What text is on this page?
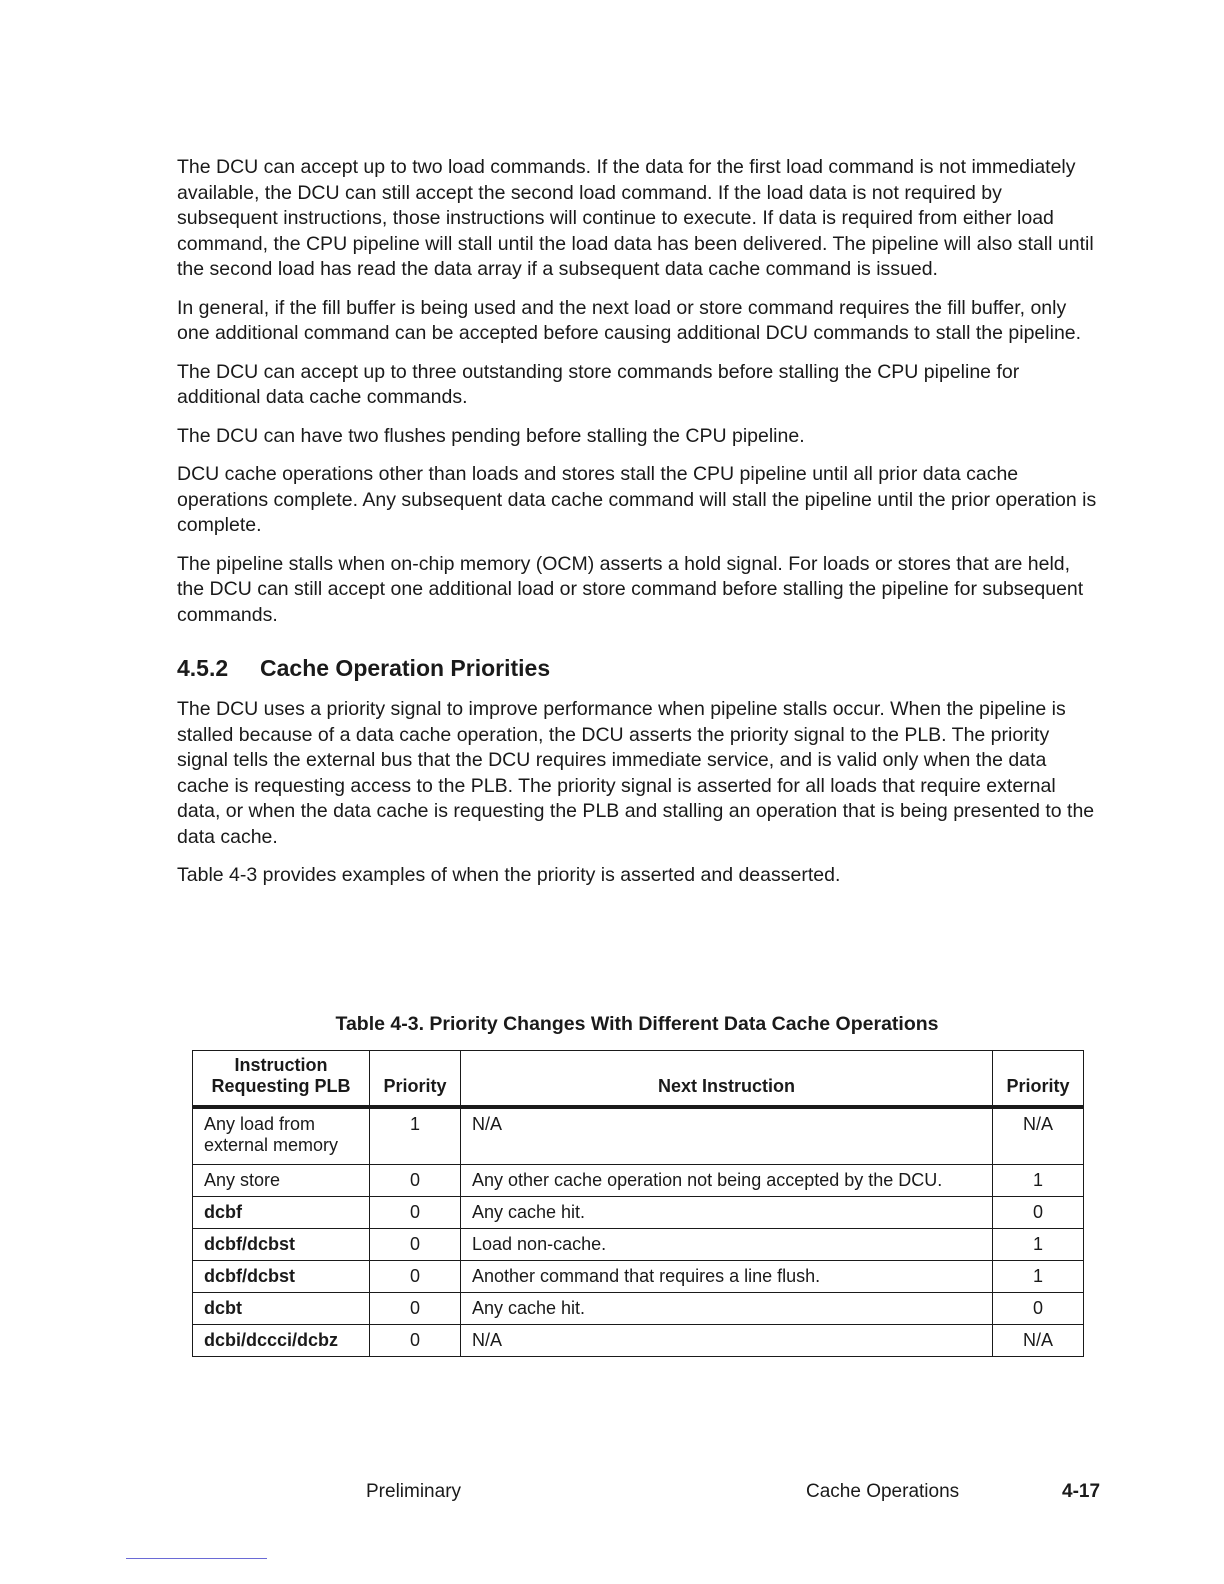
The DCU can accept up to two load commands. If the data for the first load command is not immediately available, the DCU can still accept the second load command. If the load data is not required by subsequent instructions, those instructions will continue to execute. If data is required from either load command, the CPU pipeline will stall until the load data has been delivered. The pipeline will also stall until the second load has read the data array if a subsequent data cache command is issued.

In general, if the fill buffer is being used and the next load or store command requires the fill buffer, only one additional command can be accepted before causing additional DCU commands to stall the pipeline.

The DCU can accept up to three outstanding store commands before stalling the CPU pipeline for additional data cache commands.

The DCU can have two flushes pending before stalling the CPU pipeline.

DCU cache operations other than loads and stores stall the CPU pipeline until all prior data cache operations complete. Any subsequent data cache command will stall the pipeline until the prior operation is complete.

The pipeline stalls when on-chip memory (OCM) asserts a hold signal. For loads or stores that are held, the DCU can still accept one additional load or store command before stalling the pipeline for subsequent commands.

4.5.2 Cache Operation Priorities

The DCU uses a priority signal to improve performance when pipeline stalls occur. When the pipeline is stalled because of a data cache operation, the DCU asserts the priority signal to the PLB. The priority signal tells the external bus that the DCU requires immediate service, and is valid only when the data cache is requesting access to the PLB. The priority signal is asserted for all loads that require external data, or when the data cache is requesting the PLB and stalling an operation that is being presented to the data cache.

Table 4-3 provides examples of when the priority is asserted and deasserted.

Table 4-3. Priority Changes With Different Data Cache Operations
Instruction Requesting PLB	Priority	Next Instruction	Priority
Any load from external memory	1	N/A	N/A
Any store	0	Any other cache operation not being accepted by the DCU.	1
dcbf	0	Any cache hit.	0
dcbf/dcbst	0	Load non-cache.	1
dcbf/dcbst	0	Another command that requires a line flush.	1
dcbt	0	Any cache hit.	0
dcbi/dccci/dcbz	0	N/A	N/A
Preliminary	Cache Operations	4-17
